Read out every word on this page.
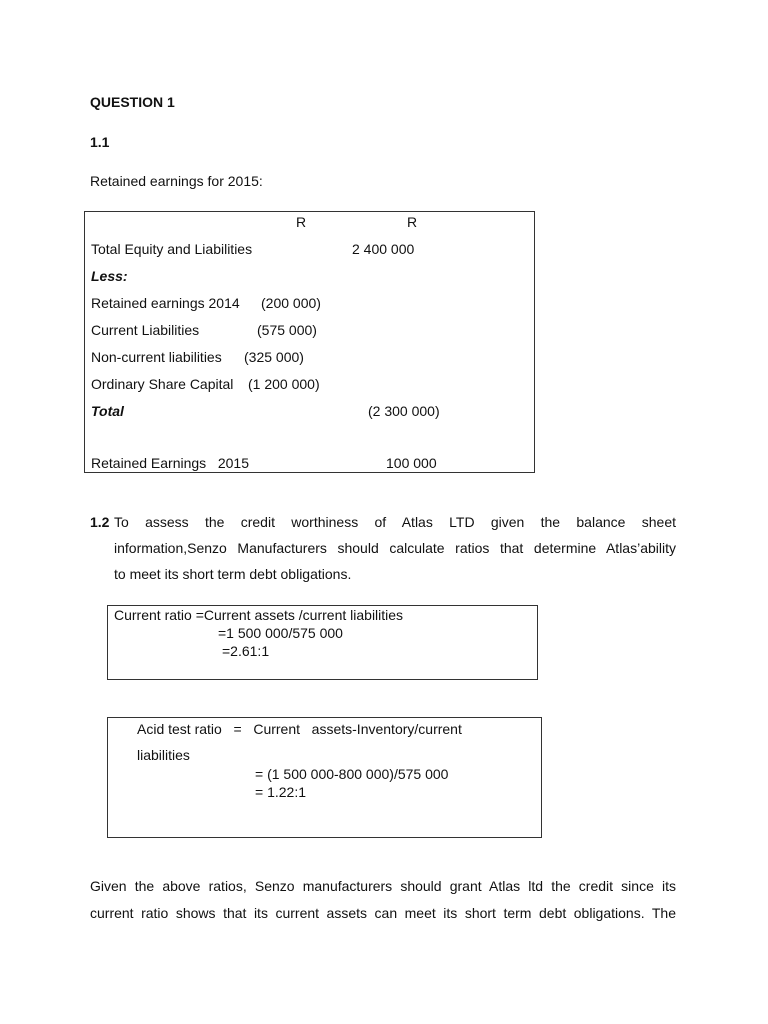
QUESTION 1
1.1
Retained earnings for 2015:
R	R
Total Equity and Liabilities	2 400 000
Less:
Retained earnings 2014 (200 000)
Current Liabilities	(575 000)
Non-current liabilities (325 000)
Ordinary Share Capital (1 200 000)
Total	(2 300 000)
Retained Earnings   2015	100 000
1.2 To assess the credit worthiness of Atlas LTD given the balance sheet
information,Senzo Manufacturers should calculate ratios that determine Atlas’ability
to meet its short term debt obligations.
Current ratio =Current assets /current liabilities
=1 500 000/575 000
=2.61:1
Acid test ratio   =   Current   assets-Inventory/current
liabilities
= (1 500 000-800 000)/575 000
= 1.22:1
Given the above ratios, Senzo manufacturers should grant Atlas ltd the credit since its
current ratio shows that its current assets can meet its short term debt obligations. The
